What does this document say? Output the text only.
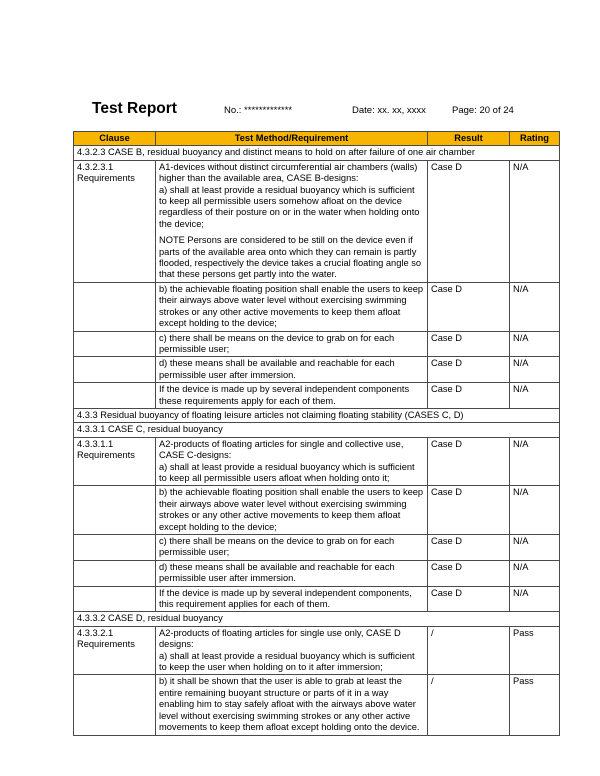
Test Report	No.: *************	Date: xx. xx, xxxx	Page: 20 of 24
Clause	Test Method/Requirement	Result	Rating
4.3.2.3 CASE B, residual buoyancy and distinct means to hold on after failure of one air chamber			
4.3.2.3.1 Requirements	A1-devices without distinct circumferential air chambers (walls) higher than the available area, CASE B-designs:
a) shall at least provide a residual buoyancy which is sufficient to keep all permissible users somehow afloat on the device regardless of their posture on or in the water when holding onto the device;
NOTE Persons are considered to be still on the device even if parts of the available area onto which they can remain is partly flooded, respectively the device takes a crucial floating angle so that these persons get partly into the water.	Case D	N/A
	b) the achievable floating position shall enable the users to keep their airways above water level without exercising swimming strokes or any other active movements to keep them afloat except holding to the device;	Case D	N/A
	c) there shall be means on the device to grab on for each permissible user;	Case D	N/A
	d) these means shall be available and reachable for each permissible user after immersion.	Case D	N/A
	If the device is made up by several independent components these requirements apply for each of them.	Case D	N/A
4.3.3 Residual buoyancy of floating leisure articles not claiming floating stability (CASES C, D)			
4.3.3.1 CASE C, residual buoyancy			
4.3.3.1.1 Requirements	A2-products of floating articles for single and collective use, CASE C-designs:
a) shall at least provide a residual buoyancy which is sufficient to keep all permissible users afloat when holding onto it;	Case D	N/A
	b) the achievable floating position shall enable the users to keep their airways above water level without exercising swimming strokes or any other active movements to keep them afloat except holding to the device;	Case D	N/A
	c) there shall be means on the device to grab on for each permissible user;	Case D	N/A
	d) these means shall be available and reachable for each permissible user after immersion.	Case D	N/A
	If the device is made up by several independent components, this requirement applies for each of them.	Case D	N/A
4.3.3.2 CASE D, residual buoyancy			
4.3.3.2.1 Requirements	A2-products of floating articles for single use only, CASE D designs:
a) shall at least provide a residual buoyancy which is sufficient to keep the user when holding on to it after immersion;	/	Pass
	b) it shall be shown that the user is able to grab at least the entire remaining buoyant structure or parts of it in a way enabling him to stay safely afloat with the airways above water level without exercising swimming strokes or any other active movements to keep them afloat except holding onto the device.	/	Pass
